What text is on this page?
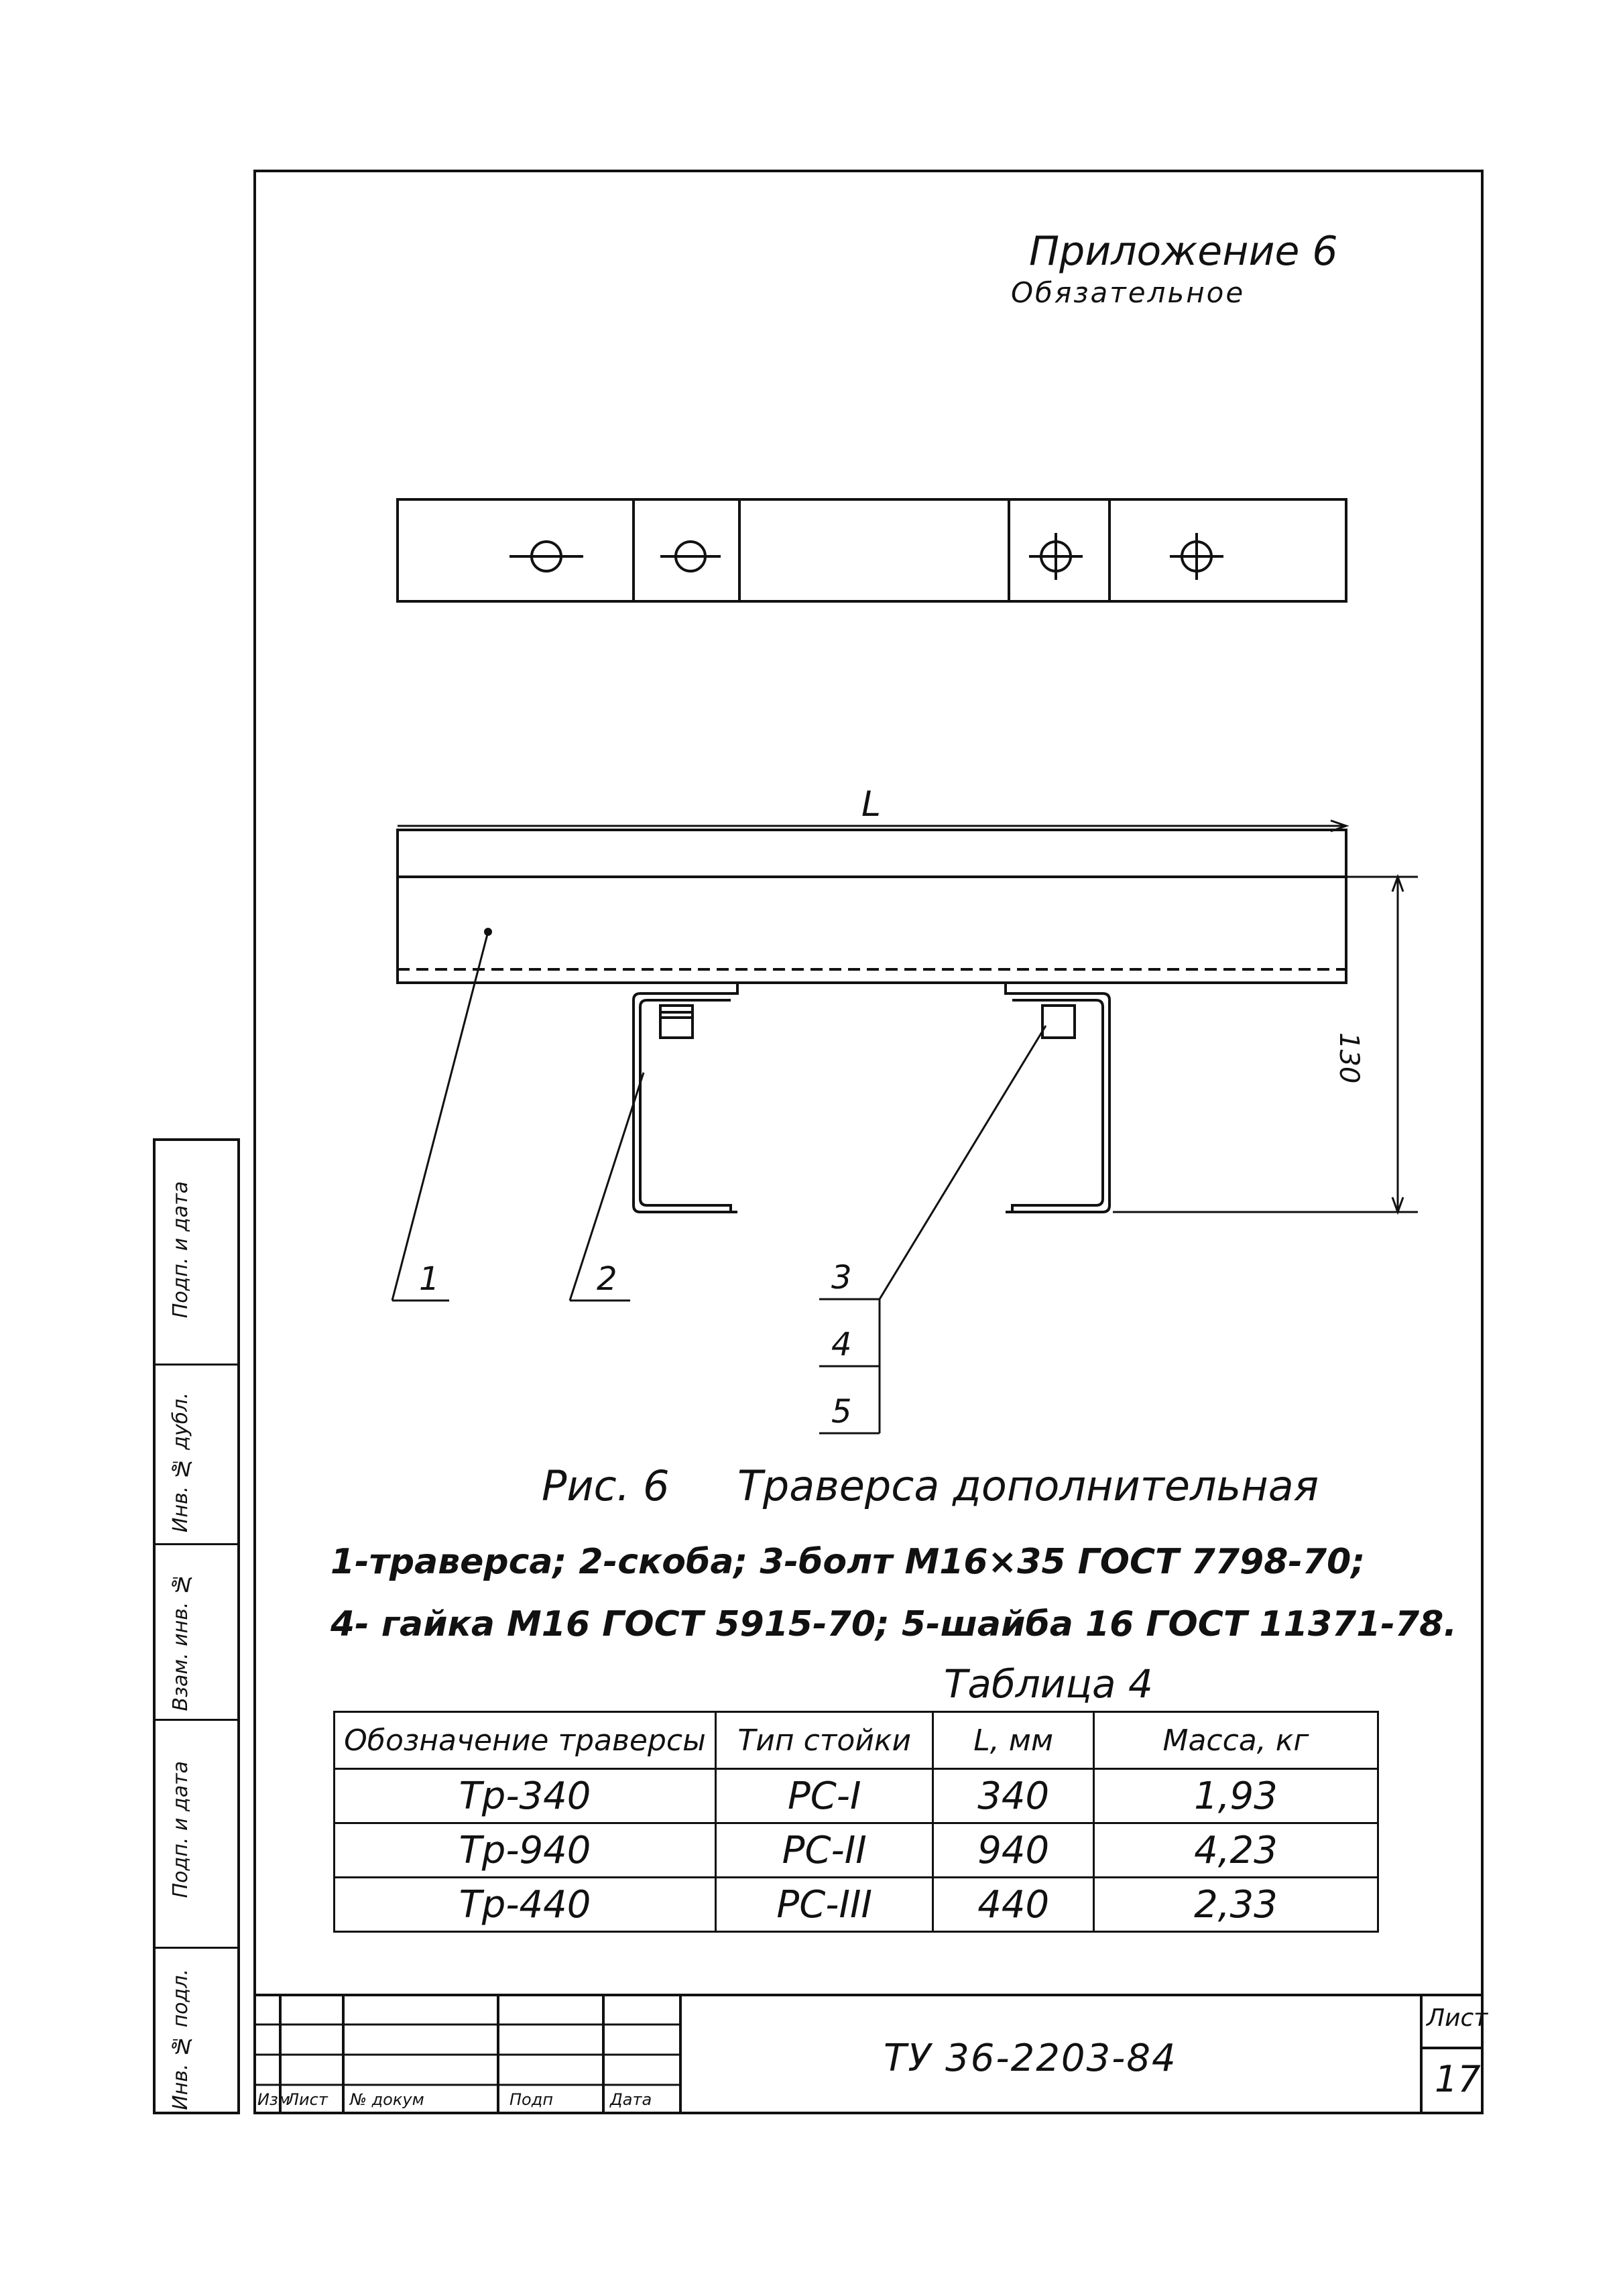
Подп. и дата
Инв. № дубл.
Взам. инв. №
Подп. и дата
Инв. № подл.
Приложение 6
Обязательное
L
130
1	2	3
4
5
Рис. 6 Траверса дополнительная
1-траверса; 2-скоба; 3-болт М16×35 ГОСТ 7798-70;
4- гайка М16 ГОСТ 5915-70; 5-шайба 16 ГОСТ 11371-78.
Таблица 4
Обозначение траверсы	Тип стойки	L, мм	Масса, кг
Тр-340	РС-I	340	1,93
Тр-940	РС-II	940	4,23
Тр-440	РС-III	440	2,33
Изм
Лист № докум	Подп	Дата
ТУ 36-2203-84
Лист
17
